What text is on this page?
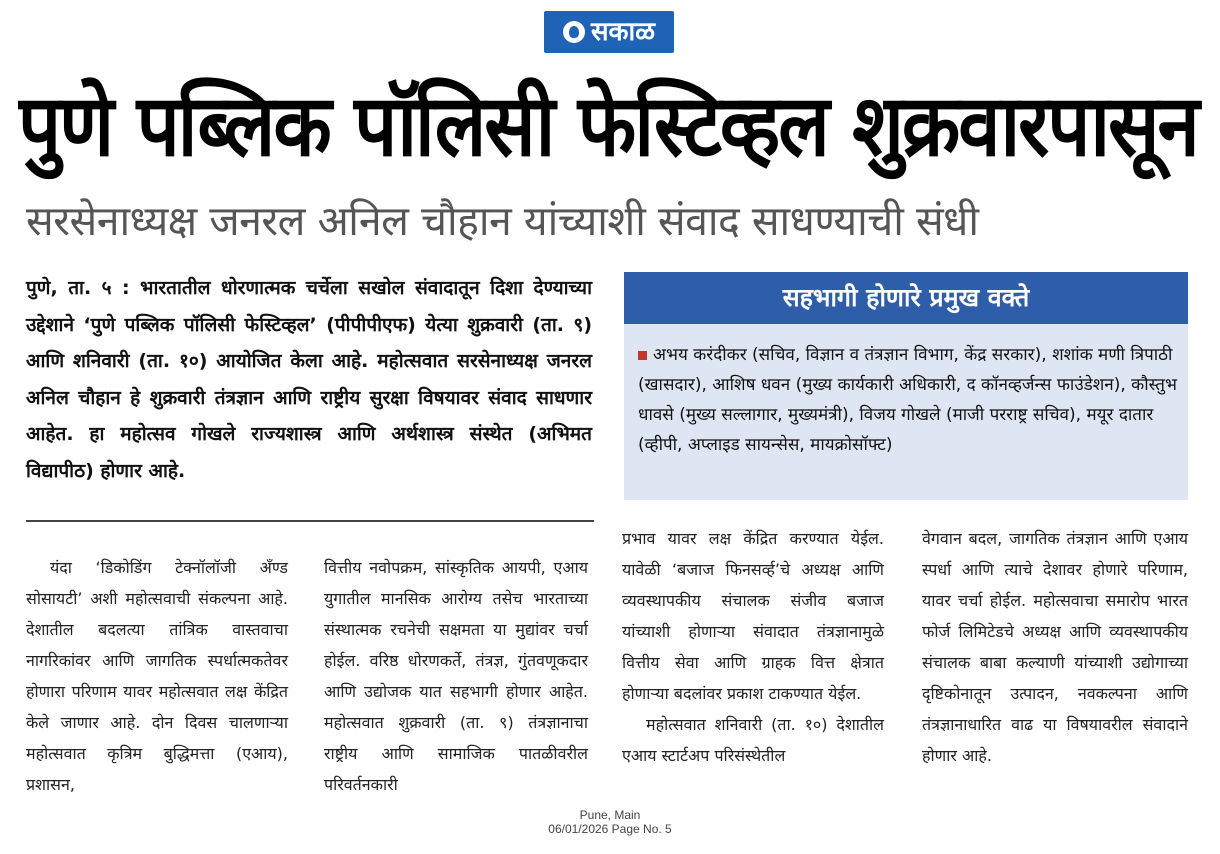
सकाळ
पुणे पब्लिक पॉलिसी फेस्टिव्हल शुक्रवारपासून
सरसेनाध्यक्ष जनरल अनिल चौहान यांच्याशी संवाद साधण्याची संधी
पुणे, ता. ५ : भारतातील धोरणात्मक चर्चेला सखोल संवादातून दिशा देण्याच्या उद्देशाने ‘पुणे पब्लिक पॉलिसी फेस्टिव्हल’ (पीपीपीएफ) येत्या शुक्रवारी (ता. ९) आणि शनिवारी (ता. १०) आयोजित केला आहे. महोत्सवात सरसेनाध्यक्ष जनरल अनिल चौहान हे शुक्रवारी तंत्रज्ञान आणि राष्ट्रीय सुरक्षा विषयावर संवाद साधणार आहेत. हा महोत्सव गोखले राज्यशास्त्र आणि अर्थशास्त्र संस्थेत (अभिमत विद्यापीठ) होणार आहे.
सहभागी होणारे प्रमुख वक्ते
अभय करंदीकर (सचिव, विज्ञान व तंत्रज्ञान विभाग, केंद्र सरकार), शशांक मणी त्रिपाठी (खासदार), आशिष धवन (मुख्य कार्यकारी अधिकारी, द कॉनव्हर्जन्स फाउंडेशन), कौस्तुभ धावसे (मुख्य सल्लागार, मुख्यमंत्री), विजय गोखले (माजी परराष्ट्र सचिव), मयूर दातार (व्हीपी, अप्लाइड सायन्सेस, मायक्रोसॉफ्ट)

यंदा ‘डिकोडिंग टेक्नॉलॉजी अँण्ड सोसायटी’ अशी महोत्सवाची संकल्पना आहे. देशातील बदलत्या तांत्रिक वास्तवाचा नागरिकांवर आणि जागतिक स्पर्धात्मकतेवर होणारा परिणाम यावर महोत्सवात लक्ष केंद्रित केले जाणार आहे. दोन दिवस चालणाऱ्या महोत्सवात कृत्रिम बुद्धिमत्ता (एआय), प्रशासन,

वित्तीय नवोपक्रम, सांस्कृतिक आयपी, एआय युगातील मानसिक आरोग्य तसेच भारताच्या संस्थात्मक रचनेची सक्षमता या मुद्यांवर चर्चा होईल. वरिष्ठ धोरणकर्ते, तंत्रज्ञ, गुंतवणूकदार आणि उद्योजक यात सहभागी होणार आहेत. महोत्सवात शुक्रवारी (ता. ९) तंत्रज्ञानाचा राष्ट्रीय आणि सामाजिक पातळीवरील परिवर्तनकारी

प्रभाव यावर लक्ष केंद्रित करण्यात येईल. यावेळी ‘बजाज फिनसर्व्ह’चे अध्यक्ष आणि व्यवस्थापकीय संचालक संजीव बजाज यांच्याशी होणाऱ्या संवादात तंत्रज्ञानामुळे वित्तीय सेवा आणि ग्राहक वित्त क्षेत्रात होणाऱ्या बदलांवर प्रकाश टाकण्यात येईल.

महोत्सवात शनिवारी (ता. १०) देशातील एआय स्टार्टअप परिसंस्थेतील

वेगवान बदल, जागतिक तंत्रज्ञान आणि एआय स्पर्धा आणि त्याचे देशावर होणारे परिणाम, यावर चर्चा होईल. महोत्सवाचा समारोप भारत फोर्ज लिमिटेडचे अध्यक्ष आणि व्यवस्थापकीय संचालक बाबा कल्याणी यांच्याशी उद्योगाच्या दृष्टिकोनातून उत्पादन, नवकल्पना आणि तंत्रज्ञानाधारित वाढ या विषयावरील संवादाने होणार आहे.

Pune, Main
06/01/2026 Page No. 5
